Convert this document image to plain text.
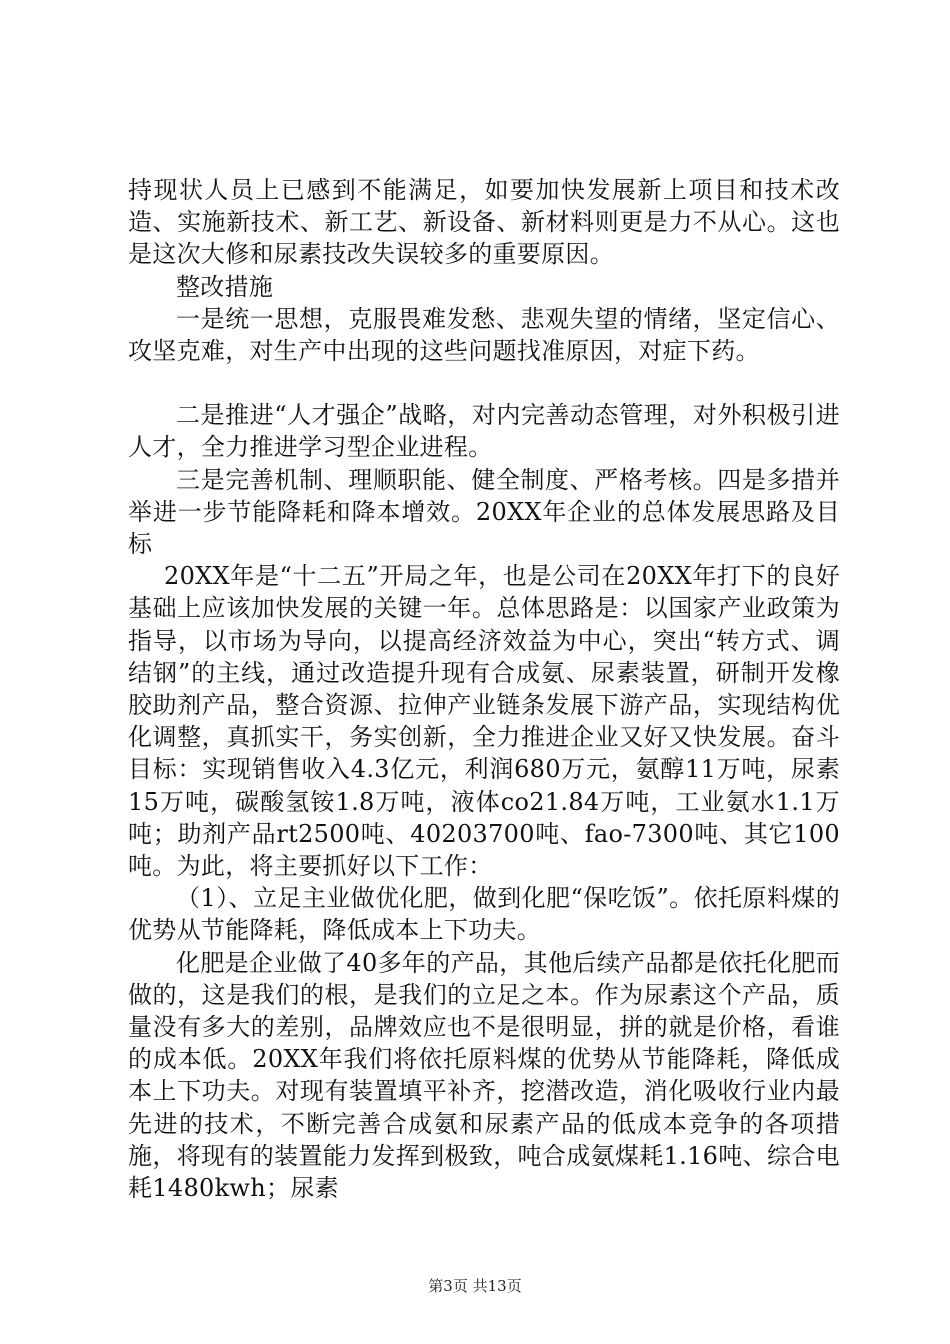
持现状人员上已感到不能满足，如要加快发展新上项目和技术改造、实施新技术、新工艺、新设备、新材料则更是力不从心。这也是这次大修和尿素技改失误较多的重要原因。

整改措施

一是统一思想，克服畏难发愁、悲观失望的情绪，坚定信心、攻坚克难，对生产中出现的这些问题找准原因，对症下药。

二是推进“人才强企”战略，对内完善动态管理，对外积极引进人才，全力推进学习型企业进程。

三是完善机制、理顺职能、健全制度、严格考核。四是多措并举进一步节能降耗和降本增效。20XX年企业的总体发展思路及目标

20XX年是“十二五”开局之年，也是公司在20XX年打下的良好基础上应该加快发展的关键一年。总体思路是：以国家产业政策为指导，以市场为导向，以提高经济效益为中心，突出“转方式、调结钢”的主线，通过改造提升现有合成氨、尿素装置，研制开发橡胶助剂产品，整合资源、拉伸产业链条发展下游产品，实现结构优化调整，真抓实干，务实创新，全力推进企业又好又快发展。奋斗目标：实现销售收入4.3亿元，利润680万元，氨醇11万吨，尿素15万吨，碳酸氢铵1.8万吨，液体co21.84万吨，工业氨水1.1万吨；助剂产品rt2500吨、40203700吨、fao-7300吨、其它100吨。为此，将主要抓好以下工作：

（1）、立足主业做优化肥，做到化肥“保吃饭”。依托原料煤的优势从节能降耗，降低成本上下功夫。

化肥是企业做了40多年的产品，其他后续产品都是依托化肥而做的，这是我们的根，是我们的立足之本。作为尿素这个产品，质量没有多大的差别，品牌效应也不是很明显，拼的就是价格，看谁的成本低。20XX年我们将依托原料煤的优势从节能降耗，降低成本上下功夫。对现有装置填平补齐，挖潜改造，消化吸收行业内最先进的技术，不断完善合成氨和尿素产品的低成本竞争的各项措施，将现有的装置能力发挥到极致，吨合成氨煤耗1.16吨、综合电耗1480kwh；尿素

第3页 共13页
